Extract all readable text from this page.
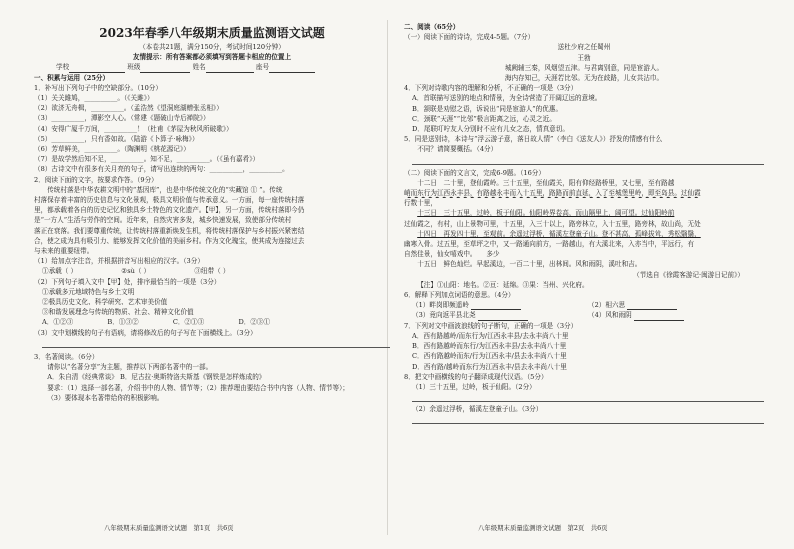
2023年春季八年级期末质量监测语文试题
（本卷共21题，满分150分，考试时间120分钟）
友情提示：所有答案都必须填写到答题卡相应的位置上
学校	班级	姓名	座号
一、积累与运用（25分）
1．补写出下列句子中的空缺部分。（10分）
（1）关关雎鸠，__________。（《关雎》）
（2）欲济无舟楫，__________。（孟浩然《望洞庭湖赠张丞相》）
（3）__________，潭影空人心。（常建《题破山寺后禅院》）
（4）安得广厦千万间，__________！（杜甫《茅屋为秋风所破歌》）
（5）__________，只有香如故。（陆游《卜算子·咏梅》）
（6）芳草鲜美，__________。（陶渊明《桃花源记》）
（7）是故学然后知不足，__________。知不足，__________。（《虽有嘉肴》）
（8）古诗文中有很多有关月亮的句子，请写出连续的两句：__________，__________。
2．阅读下面的文字，按要求作答。（9分）
传统村落是中华农耕文明中的“基因库”，也是中华传统文化的“实藏馆 ① ”。传统
村落保存着丰富的历史信息与文化景观，极具文明价值与传承意义。一方面，每一座传统村落
里，都承载着各自的历史记忆和独具乡土特色的文化遗产。【甲】，另一方面，传统村落即今仍
是“一方人”生活与劳作的空间。近年来，自然灾害多发，城乡快速发展，致使部分传统村
落正在衰落。我们要尊重传统，让传统村落重新焕发生机，将传统村落保护与乡村振兴紧密结
合，使之成为具有吸引力、能够发挥文化价值的美丽乡村。作为文化瑰宝，使其成为连接过去
与未来的重要纽带。
（1）给加点字注音，并根据拼音写出相应的汉字。（3分）
①承载（ ）	②sù（ ）	③纽带（ ）
（2）下列句子填入文中【甲】处，排序最恰当的一项是（3分）
①承载多元地域特色与乡土文明
②极具历史文化、科学研究、艺术审美价值
③和谐发展理念与传统的物质、社会、精神文化价值
A．①②③	B．①③②	C．②①③	D．②③①
（3）文中划横线的句子有语病，请将修改后的句子写在下面横线上。（3分）
3．名著阅读。（6分）
请你以“名著分享”为主题，推荐以下两部名著中的一部。
A．朱自清《经典常谈》 B．尼古拉·奥斯特洛夫斯基《钢铁是怎样炼成的》
要求：（1）选择一部名著，介绍书中的人物、情节等；（2）推荐理由要结合书中内容（人物、情节等）；
（3）要体现本名著带给你的积极影响。
八年级期末质量监测语文试题　第1页　共6页
二、阅读（65分）
（一）阅读下面的诗诗，完成4-5题。（7分）
送杜少府之任蜀州
王勃
城阙辅三秦，风烟望五津。与君离别意，同是宦游人。
海内存知己，天涯若比邻。无为在歧路，儿女共沾巾。
4．下列对诗歌内容的理解和分析，不正确的一项是（3分）
A．首联描写送别的地点和情景，为全诗营造了开阔辽远的意境。
B．颔联是劝慰之语，诉说出“同是宦游人”的优惠。
C．颈联“天涯”“比邻”极言距离之远，心灵之近。
D．尾联叮咛友人分别时不应有儿女之态，情真意切。
5．同是送别诗，本诗与“浮云游子意，落日故人情”（李白《送友人》）抒发的情感有什么
不同？请简要概括。（4分）
（二）阅读下面的文言文，完成6-9题。（16分）
十二日　二十里，登仙霞岭。三十五里，至仙霞关，阳有仰经路桥里，又七里，至有路越
峭而东行为江西永丰县，有路越永丰而入十五里，路路而前直延，入了至城堡里岭，即至岛县。过仙霞
行数十里，
十三日　三十五里，过岭，板于仙阳。仙阳岭界卷高，而山隔里上，阔可望。过仙阳岭前
过仙霞之，有村，山上景物可里，十五里，入三十以上，路旁林立，入十五里，路旁林，故山尚，无处
十四日　再发四十里，至观前。余遥过浮桥，循溪左登童子山。登不甚高，孤峰拔耸，秀松翳翳，
幽寒入骨。过五里，至草坪之中，又一路通向前方，一路越山，有大溪北来，入亦当中，平远行，有
自然佳景，仙女嘻戏中。　　多少
十五日　鲜色灿烂。早起溪边，一百二十里，出林间。风和雨阴，溪吐和吉。
（节选自《徐霞客游记·闽游日记前》）
【注】①山阳：地名。②亘：延绵。③果：当州、兴化府。
6．解释下列加点词语的意思。（4分）
（1）畔岗即频遥岭	（2）相六思
（3）竟向返平县北尧	（4）风和雨阴
7．下列对文中画波浪线的句子断句，正确的一项是（3分）
A．西有路越岭/而东行为/江西永丰县/去永丰尚八十里
B．西有路越岭而东行/为江西永丰县/去永丰尚八十里
C．西有路越岭而东/行为江西永丰/县去永丰尚八十里
D．西有路/越岭而东行为江西永丰/县去永丰尚八十里
8．把文中画横线的句子翻译成现代汉语。（5分）
（1）三十五里，过岭，板于仙阳。（2分）
（2）余遥过浮桥，循溪左登童子山。（3分）
八年级期末质量监测语文试题　第2页　共6页
